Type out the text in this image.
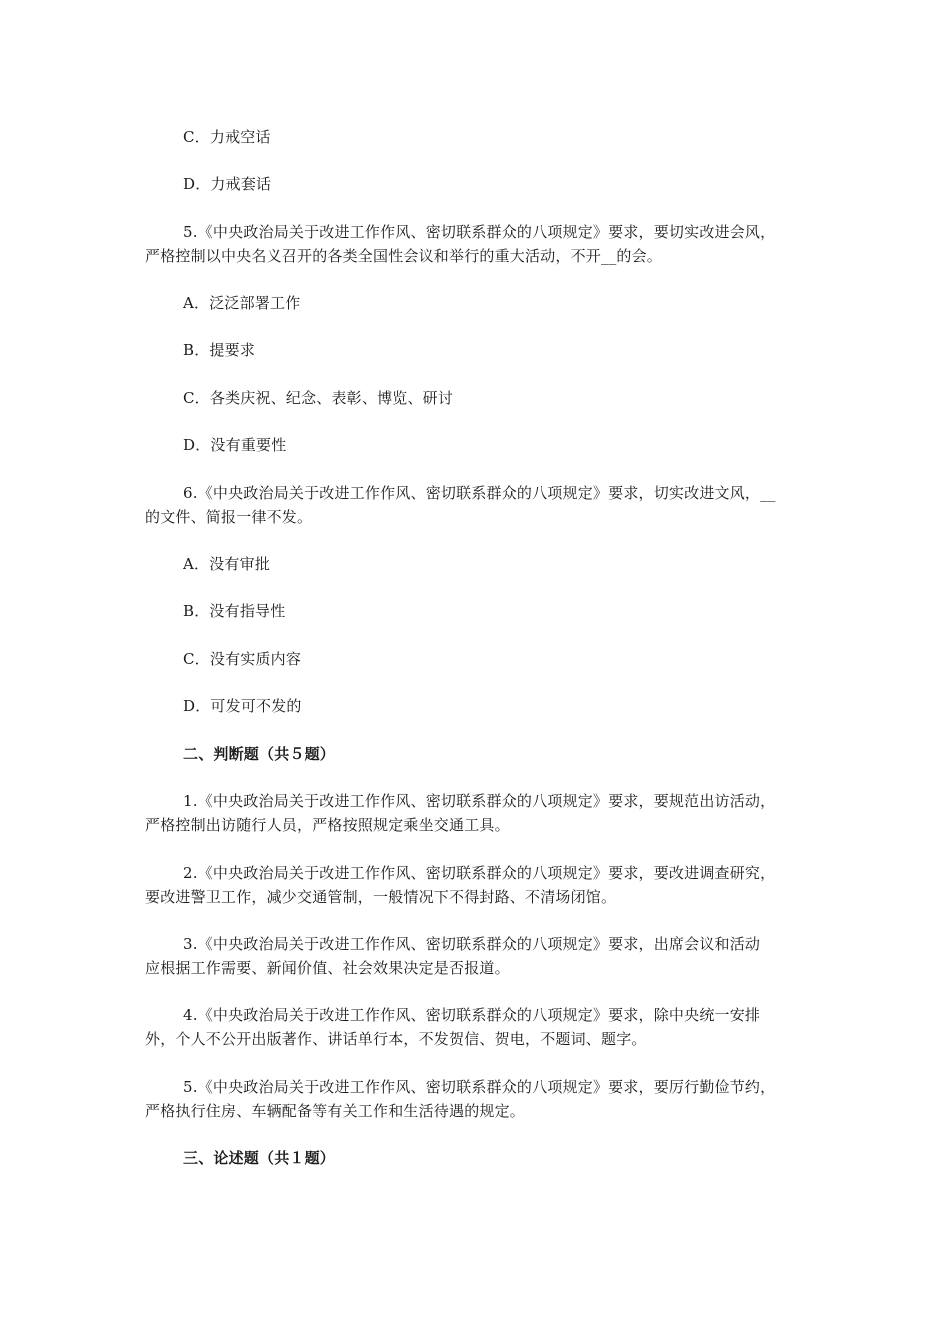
C．力戒空话
D．力戒套话
5.《中央政治局关于改进工作作风、密切联系群众的八项规定》要求，要切实改进会风，
严格控制以中央名义召开的各类全国性会议和举行的重大活动，不开__的会。
A．泛泛部署工作
B．提要求
C．各类庆祝、纪念、表彰、博览、研讨
D．没有重要性
6.《中央政治局关于改进工作作风、密切联系群众的八项规定》要求，切实改进文风，__
的文件、简报一律不发。
A．没有审批
B．没有指导性
C．没有实质内容
D．可发可不发的
二、判断题（共５题）
1.《中央政治局关于改进工作作风、密切联系群众的八项规定》要求，要规范出访活动，
严格控制出访随行人员，严格按照规定乘坐交通工具。
2.《中央政治局关于改进工作作风、密切联系群众的八项规定》要求，要改进调查研究，
要改进警卫工作，减少交通管制，一般情况下不得封路、不清场闭馆。
3.《中央政治局关于改进工作作风、密切联系群众的八项规定》要求，出席会议和活动
应根据工作需要、新闻价值、社会效果决定是否报道。
4.《中央政治局关于改进工作作风、密切联系群众的八项规定》要求，除中央统一安排
外，个人不公开出版著作、讲话单行本，不发贺信、贺电，不题词、题字。
5.《中央政治局关于改进工作作风、密切联系群众的八项规定》要求，要厉行勤俭节约，
严格执行住房、车辆配备等有关工作和生活待遇的规定。
三、论述题（共１题）
